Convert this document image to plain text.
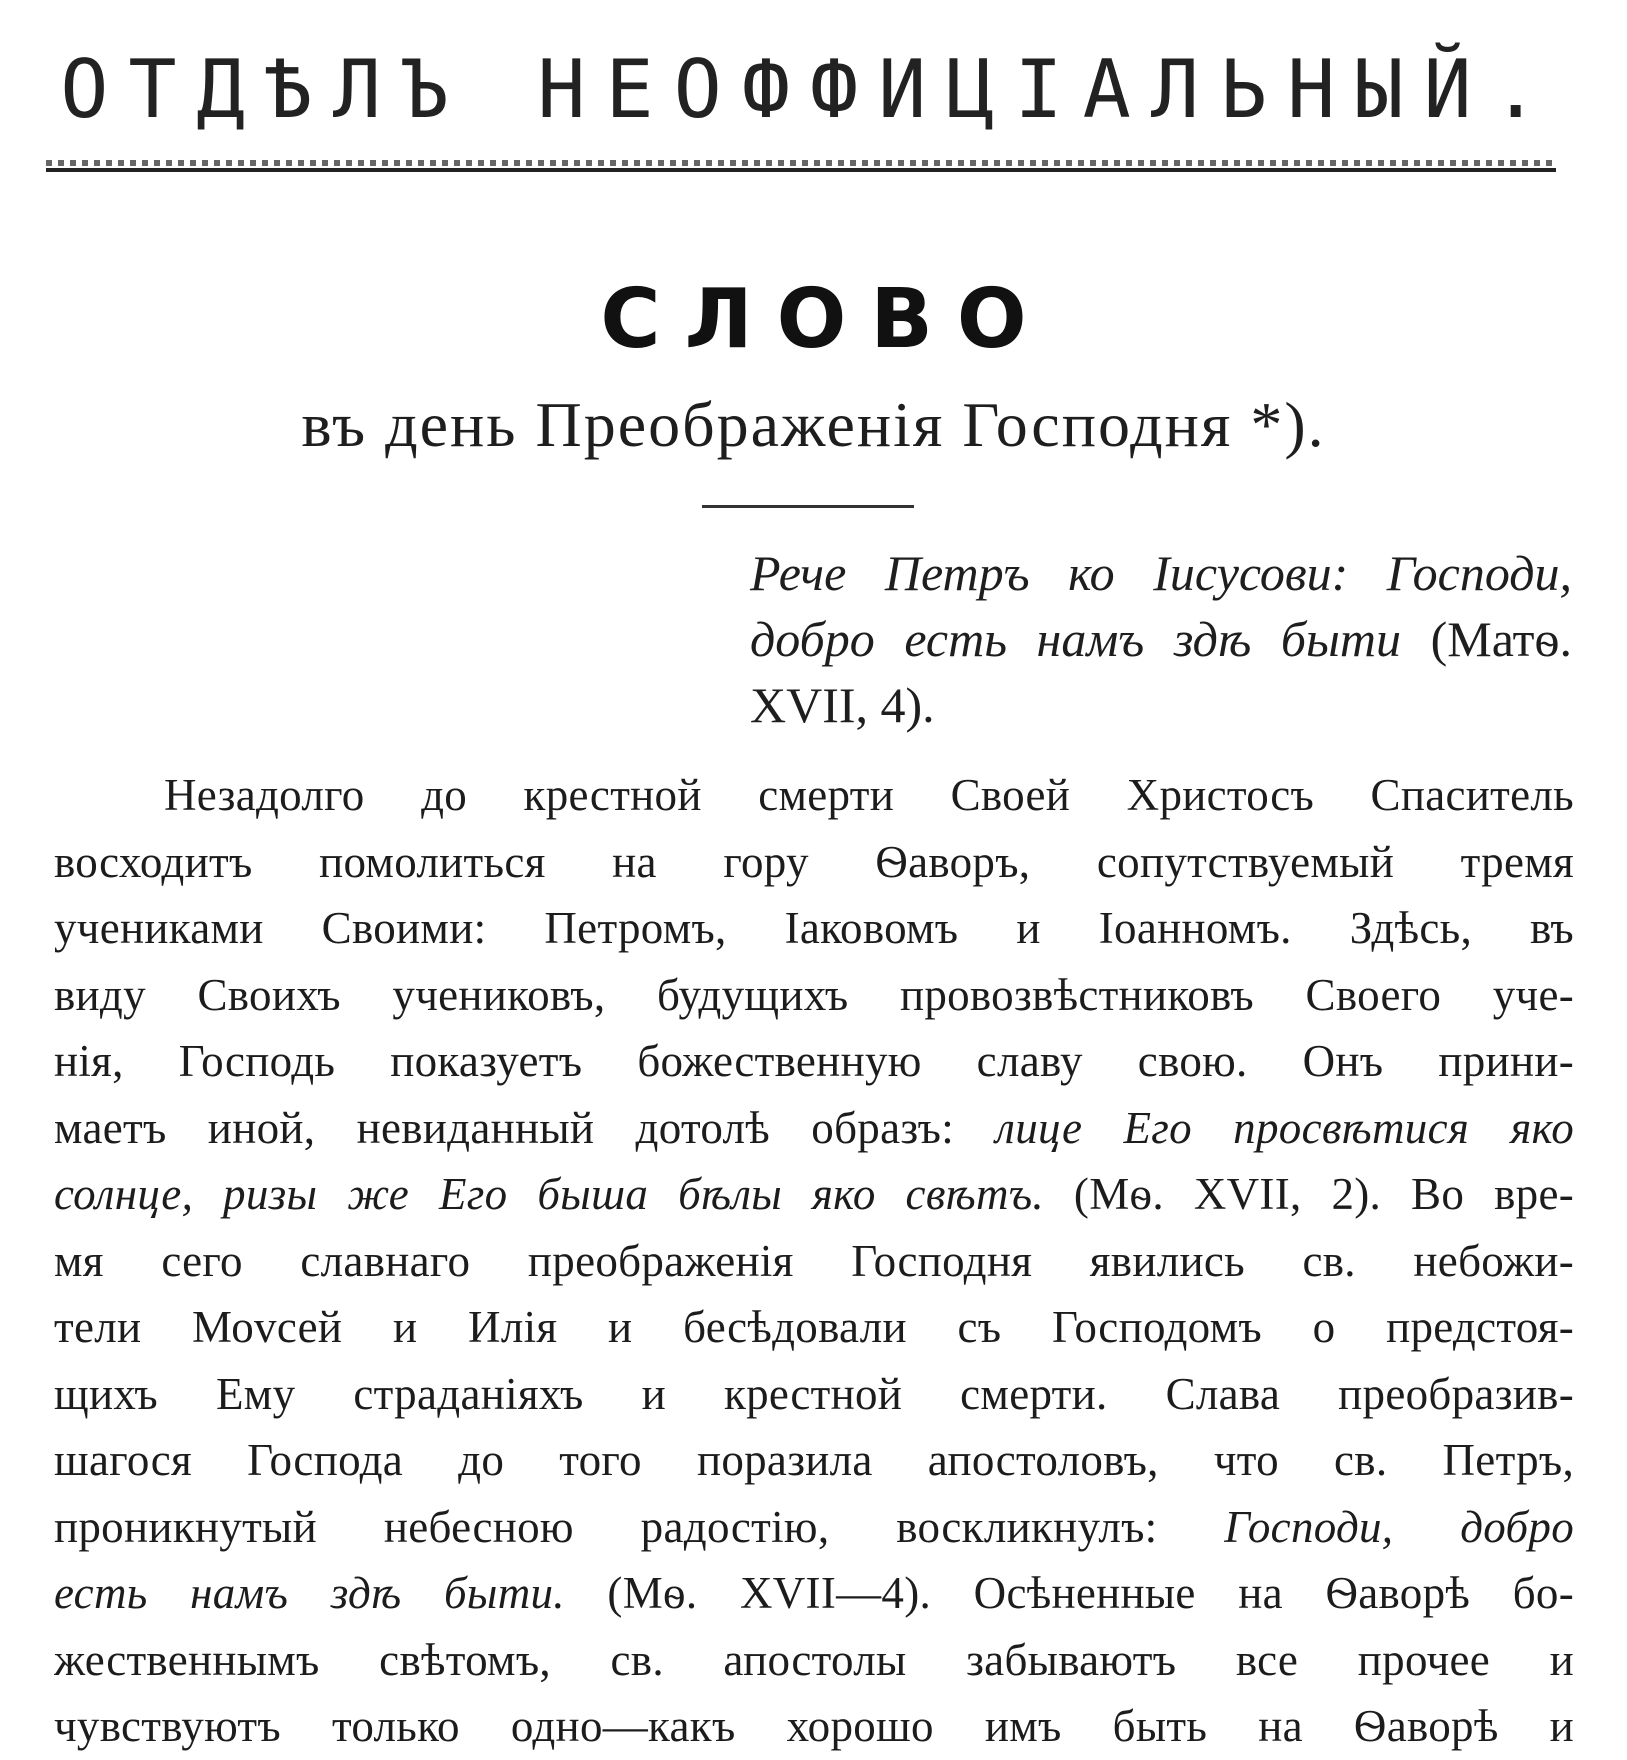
ОТДѢЛЪ НЕОФФИЦІАЛЬНЫЙ.
СЛОВО
въ день Преображенія Господня *).
Рече Петръ ко Іисусови: Господи, добро есть намъ здѣ быти (Матѳ. XVII, 4).
Незадолго до крестной смерти Своей Христосъ Спаситель
восходитъ помолиться на гору Ѳаворъ, сопутствуемый тремя
учениками Своими: Петромъ, Іаковомъ и Іоанномъ. Здѣсь, въ
виду Своихъ учениковъ, будущихъ провозвѣстниковъ Своего уче-
нія, Господь показуетъ божественную славу свою. Онъ прини-
маетъ иной, невиданный дотолѣ образъ: лице Его просвѣтися яко
солнце, ризы же Его быша бѣлы яко свѣтъ. (Мѳ. XVII, 2). Во вре-
мя сего славнаго преображенія Господня явились св. небожи-
тели Моvсей и Илія и бесѣдовали съ Господомъ о предстоя-
щихъ Ему страданіяхъ и крестной смерти. Слава преобразив-
шагося Господа до того поразила апостоловъ, что св. Петръ,
проникнутый небесною радостію, воскликнулъ: Господи, добро
есть намъ здѣ быти. (Мѳ. XVII—4). Осѣненные на Ѳаворѣ бо-
жественнымъ свѣтомъ, св. апостолы забываютъ все прочее и
чувствуютъ только одно—какъ хорошо имъ быть на Ѳаворѣ и
